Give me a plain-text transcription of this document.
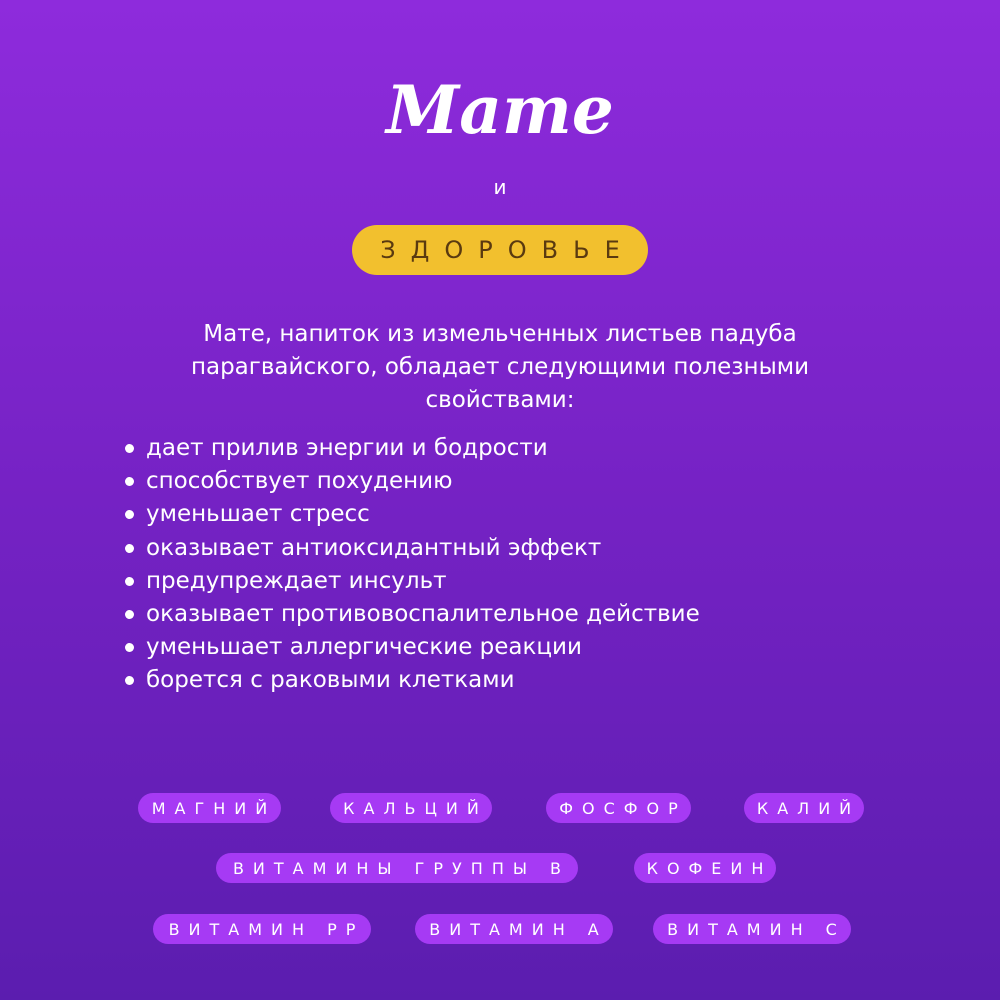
Мате
и
ЗДОРОВЬЕ
Мате, напиток из измельченных листьев падуба парагвайского, обладает следующими полезными свойствами:
дает прилив энергии и бодрости
способствует похудению
уменьшает стресс
оказывает антиоксидантный эффект
предупреждает инсульт
оказывает противовоспалительное действие
уменьшает аллергические реакции
борется с раковыми клетками
МАГНИЙ	КАЛЬЦИЙ	ФОСФОР	КАЛИЙ
ВИТАМИНЫ ГРУППЫ В	КОФЕИН
ВИТАМИН РР	ВИТАМИН А	ВИТАМИН С
